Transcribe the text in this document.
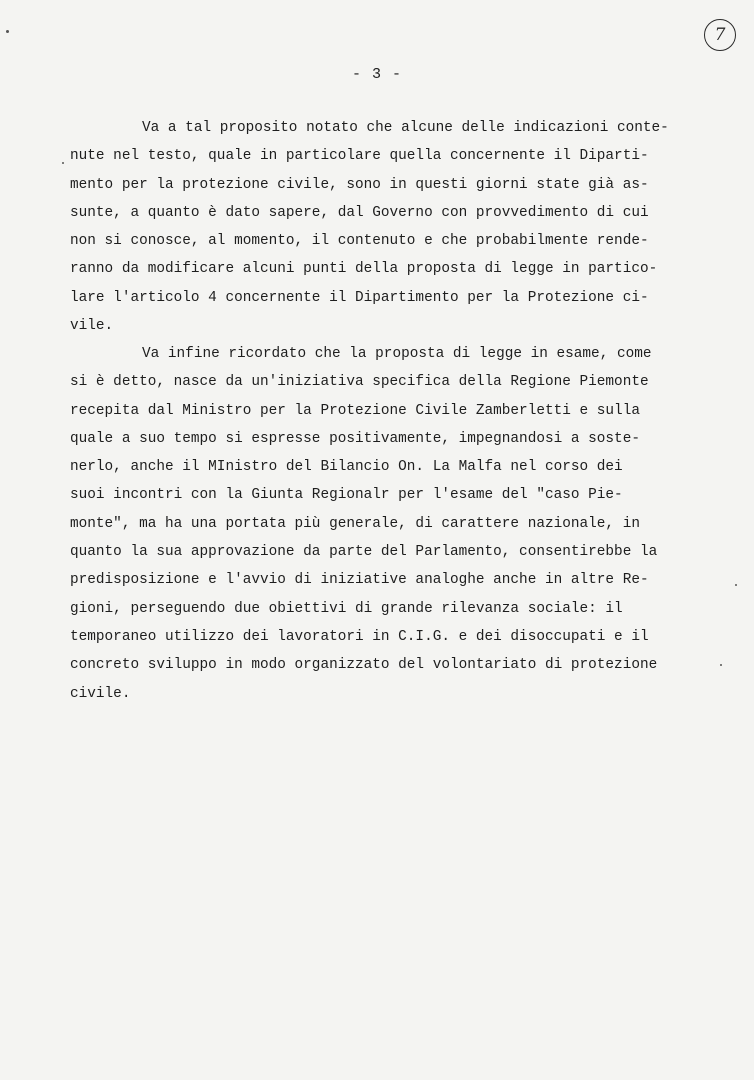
7
- 3 -
Va a tal proposito notato che alcune delle indicazioni conte-
nute nel testo, quale in particolare quella concernente il Diparti-
mento per la protezione civile, sono in questi giorni state già as-
sunte, a quanto è dato sapere, dal Governo con provvedimento di cui
non si conosce, al momento, il contenuto e che probabilmente rende-
ranno da modificare alcuni punti della proposta di legge in partico-
lare l'articolo 4 concernente il Dipartimento per la Protezione ci-
vile.
Va infine ricordato che la proposta di legge in esame, come
si è detto, nasce da un'iniziativa specifica della Regione Piemonte
recepita dal Ministro per la Protezione Civile Zamberletti e sulla
quale a suo tempo si espresse positivamente, impegnandosi a soste-
nerlo, anche il MInistro del Bilancio On. La Malfa nel corso dei
suoi incontri con la Giunta Regionalr per l'esame del "caso Pie-
monte", ma ha una portata più generale, di carattere nazionale, in
quanto la sua approvazione da parte del Parlamento, consentirebbe la
predisposizione e l'avvio di iniziative analoghe anche in altre Re-
gioni, perseguendo due obiettivi di grande rilevanza sociale: il
temporaneo utilizzo dei lavoratori in C.I.G. e dei disoccupati e il
concreto sviluppo in modo organizzato del volontariato di protezione
civile.
